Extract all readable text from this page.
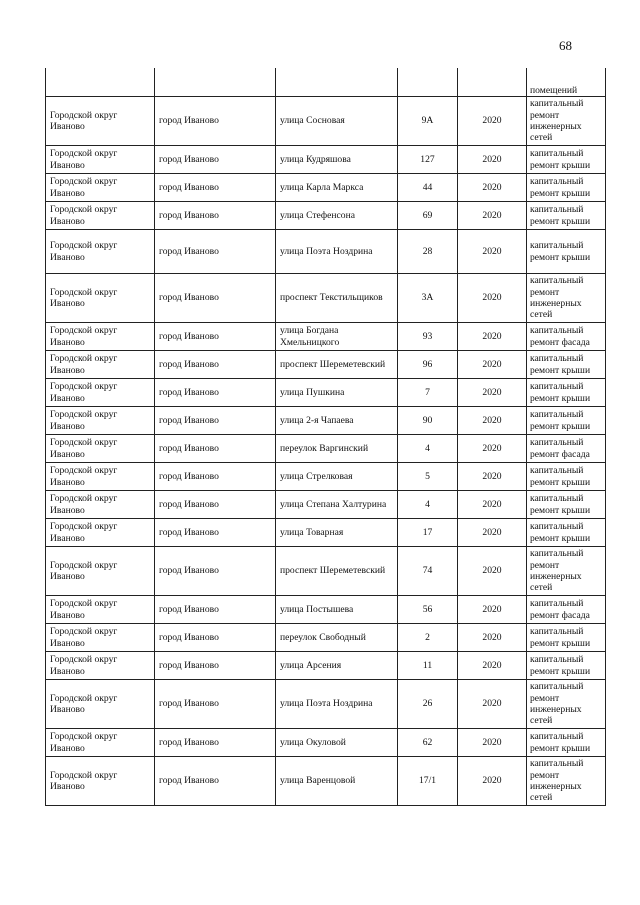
68
					помещений
Городской округ Иваново	город Иваново	улица Сосновая	9А	2020	капитальный ремонт инженерных сетей
Городской округ Иваново	город Иваново	улица Кудряшова	127	2020	капитальный ремонт крыши
Городской округ Иваново	город Иваново	улица Карла Маркса	44	2020	капитальный ремонт крыши
Городской округ Иваново	город Иваново	улица Стефенсона	69	2020	капитальный ремонт крыши
Городской округ Иваново	город Иваново	улица Поэта Ноздрина	28	2020	капитальный ремонт крыши
Городской округ Иваново	город Иваново	проспект Текстильщиков	3А	2020	капитальный ремонт инженерных сетей
Городской округ Иваново	город Иваново	улица Богдана Хмельницкого	93	2020	капитальный ремонт фасада
Городской округ Иваново	город Иваново	проспект Шереметевский	96	2020	капитальный ремонт крыши
Городской округ Иваново	город Иваново	улица Пушкина	7	2020	капитальный ремонт крыши
Городской округ Иваново	город Иваново	улица 2-я Чапаева	90	2020	капитальный ремонт крыши
Городской округ Иваново	город Иваново	переулок Варгинский	4	2020	капитальный ремонт фасада
Городской округ Иваново	город Иваново	улица Стрелковая	5	2020	капитальный ремонт крыши
Городской округ Иваново	город Иваново	улица Степана Халтурина	4	2020	капитальный ремонт крыши
Городской округ Иваново	город Иваново	улица Товарная	17	2020	капитальный ремонт крыши
Городской округ Иваново	город Иваново	проспект Шереметевский	74	2020	капитальный ремонт инженерных сетей
Городской округ Иваново	город Иваново	улица Постышева	56	2020	капитальный ремонт фасада
Городской округ Иваново	город Иваново	переулок Свободный	2	2020	капитальный ремонт крыши
Городской округ Иваново	город Иваново	улица Арсения	11	2020	капитальный ремонт крыши
Городской округ Иваново	город Иваново	улица Поэта Ноздрина	26	2020	капитальный ремонт инженерных сетей
Городской округ Иваново	город Иваново	улица Окуловой	62	2020	капитальный ремонт крыши
Городской округ Иваново	город Иваново	улица Варенцовой	17/1	2020	капитальный ремонт инженерных сетей
